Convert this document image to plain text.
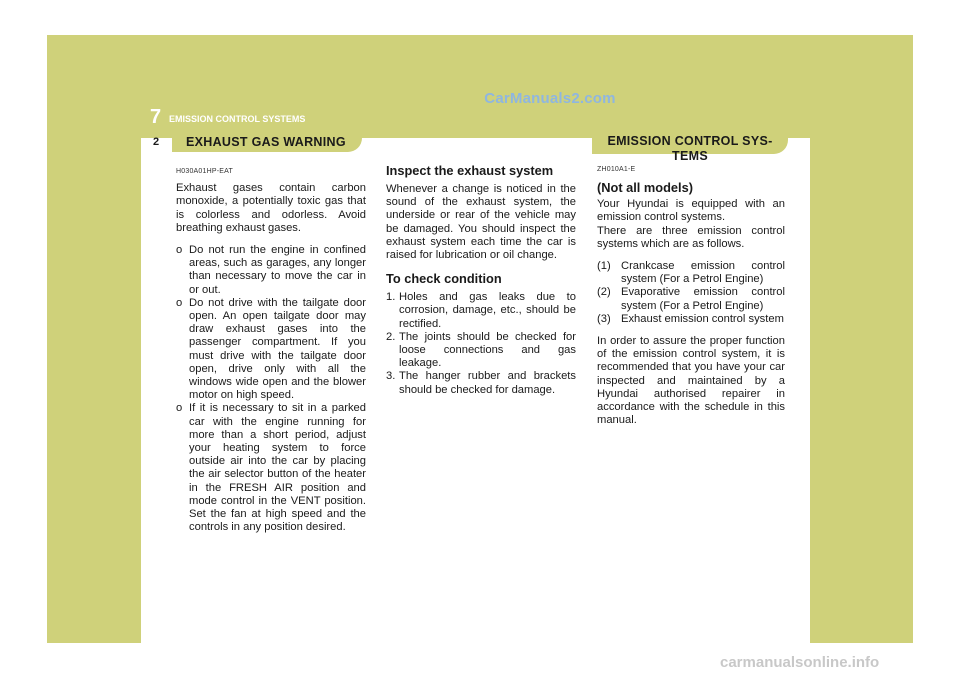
CarManuals2.com
7 EMISSION CONTROL SYSTEMS
2 EXHAUST GAS WARNING	EMISSION CONTROL SYS-
TEMS

H030A01HP-EAT

Exhaust gases contain carbon monoxide, a potentially toxic gas that is colorless and odorless. Avoid breathing exhaust gases.

o Do not run the engine in confined areas, such as garages, any longer than necessary to move the car in or out.
o Do not drive with the tailgate door open. An open tailgate door may draw exhaust gases into the passenger compartment. If you must drive with the tailgate door open, drive only with all the windows wide open and the blower motor on high speed.
o If it is necessary to sit in a parked car with the engine running for more than a short period, adjust your heating system to force outside air into the car by placing the air selector button of the heater in the FRESH AIR position and mode control in the VENT position. Set the fan at high speed and the controls in any position desired.

Inspect the exhaust system

Whenever a change is noticed in the sound of the exhaust system, the underside or rear of the vehicle may be damaged. You should inspect the exhaust system each time the car is raised for lubrication or oil change.

To check condition

1. Holes and gas leaks due to corrosion, damage, etc., should be rectified.
2. The joints should be checked for loose connections and gas leakage.
3. The hanger rubber and brackets should be checked for damage.

ZH010A1-E

(Not all models)

Your Hyundai is equipped with an emission control systems.

There are three emission control systems which are as follows.

(1) Crankcase emission control system (For a Petrol Engine)
(2) Evaporative emission control system (For a Petrol Engine)
(3) Exhaust emission control system

In order to assure the proper function of the emission control system, it is recommended that you have your car inspected and maintained by a Hyundai authorised repairer in accordance with the schedule in this manual.

carmanualsonline.info
